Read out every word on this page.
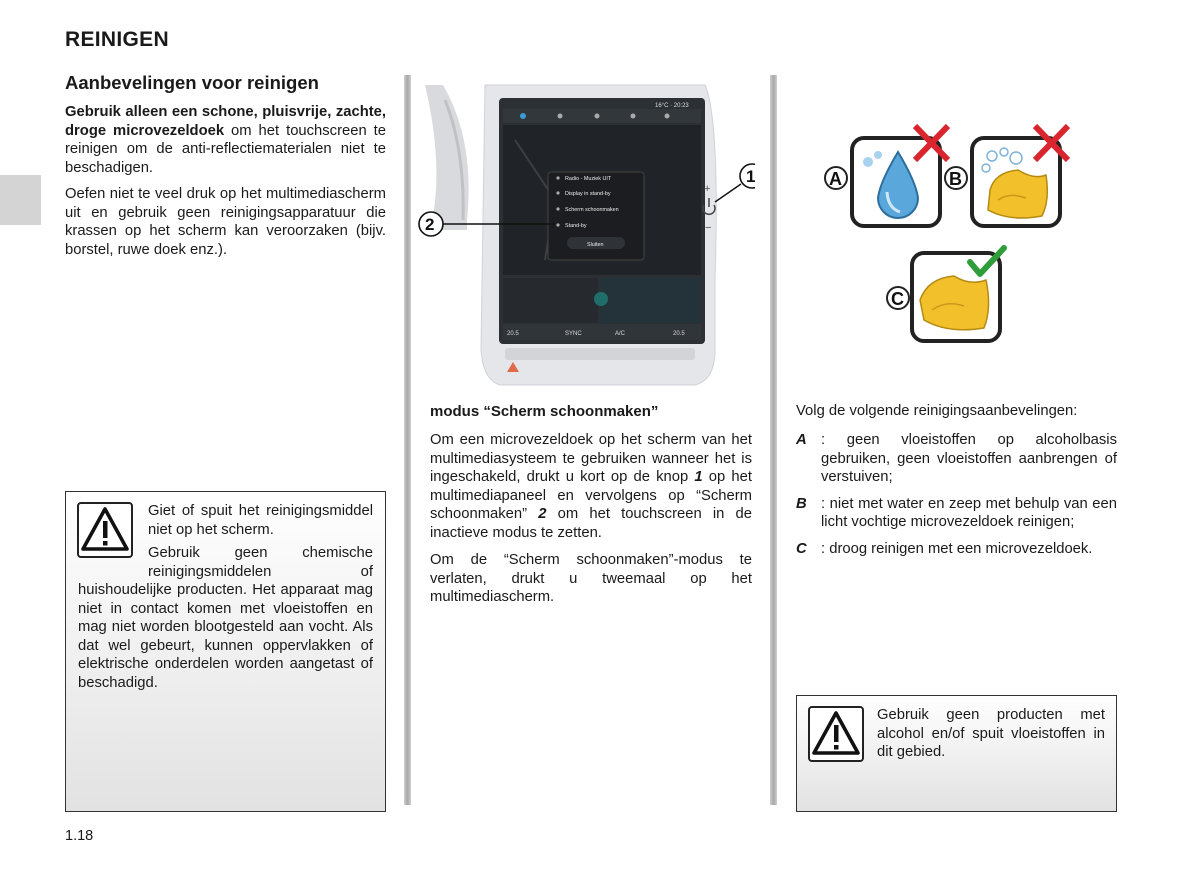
REINIGEN
Aanbevelingen voor reinigen
Gebruik alleen een schone, pluisvrije, zachte, droge microvezeldoek om het touchscreen te reinigen om de anti-reflectiematerialen niet te beschadigen.
Oefen niet te veel druk op het multimediascherm uit en gebruik geen reinigingsapparatuur die krassen op het scherm kan veroorzaken (bijv. borstel, ruwe doek enz.).

Giet of spuit het reinigingsmiddel niet op het scherm.

Gebruik geen chemische reinigingsmiddelen of huishoudelijke producten. Het apparaat mag niet in contact komen met vloeistoffen en mag niet worden blootgesteld aan vocht. Als dat wel gebeurt, kunnen oppervlakken of elektrische onderdelen worden aangetast of beschadigd.

16°C · 20:23
Radio - Muziek UIT
Display in stand-by
Scherm schoonmaken
Stand-by
Sluiten
20.5	SYNC	A/C	20.5
+
−
1
2
modus “Scherm schoonmaken”
Om een microvezeldoek op het scherm van het multimediasysteem te gebruiken wanneer het is ingeschakeld, drukt u kort op de knop 1 op het multimediapaneel en vervolgens op “Scherm schoonmaken” 2 om het touchscreen in de inactieve modus te zetten.
Om de “Scherm schoonmaken”-modus te verlaten, drukt u tweemaal op het multimediascherm.
A	B
C
Volg de volgende reinigingsaanbevelingen:
A : geen vloeistoffen op alcoholbasis gebruiken, geen vloeistoffen aanbrengen of verstuiven;
B : niet met water en zeep met behulp van een licht vochtige microvezeldoek reinigen;
C : droog reinigen met een microvezeldoek.
Gebruik geen producten met alcohol en/of spuit vloeistoffen in dit gebied.
1.18
